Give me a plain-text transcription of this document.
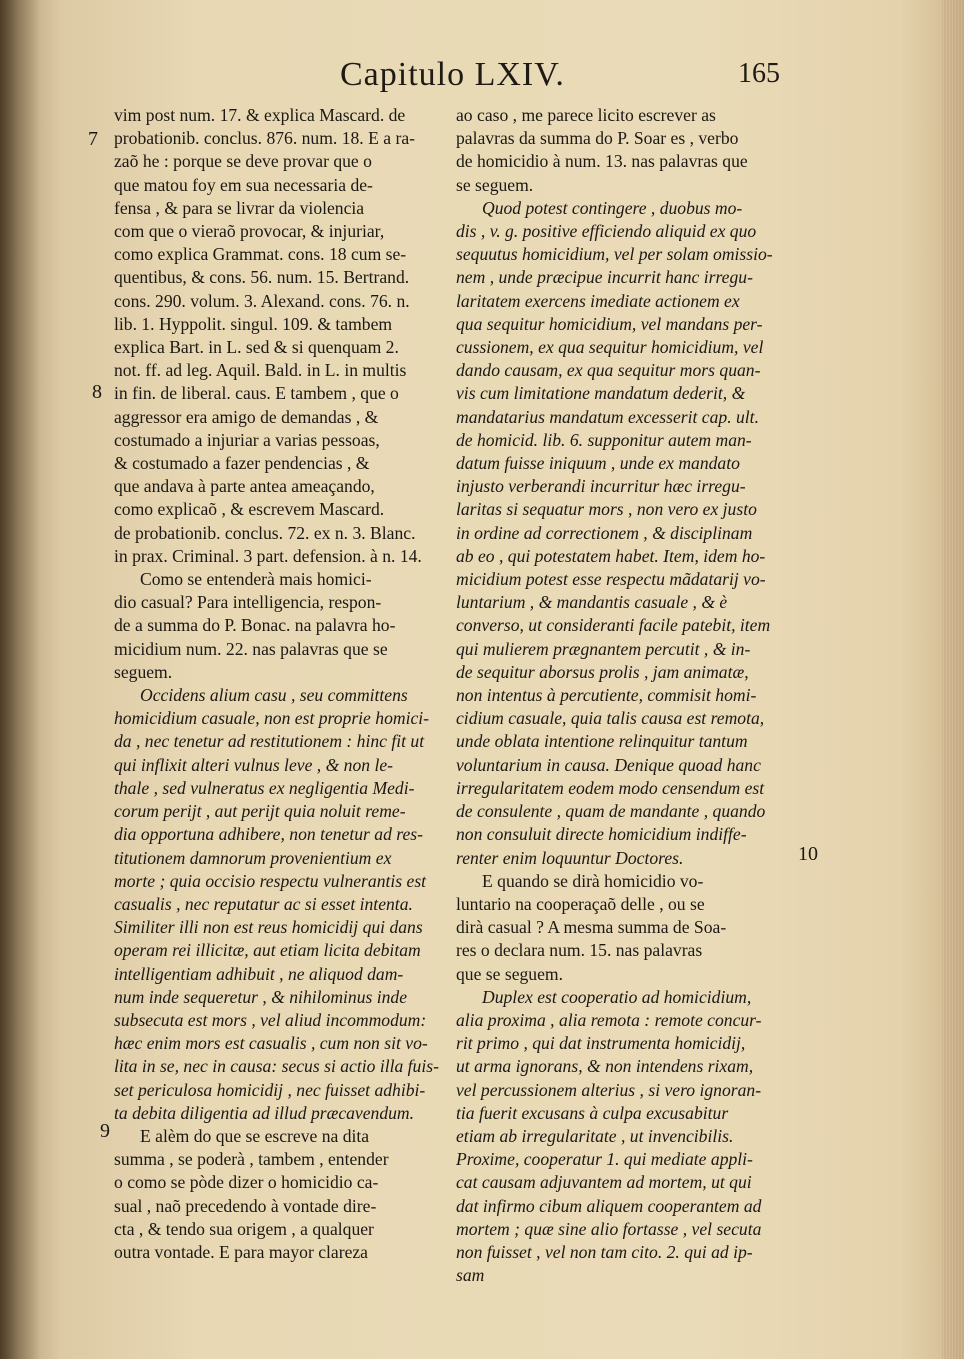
Capitulo LXIV.	165
7
8
9
10
vim post num. 17. & explica Mascard. de
probationib. conclus. 876. num. 18. E a ra-
zaõ he : porque se deve provar que o
que matou foy em sua necessaria de-
fensa , & para se livrar da violencia
com que o vieraõ provocar, & injuriar,
como explica Grammat. cons. 18 cum se-
quentibus, & cons. 56. num. 15. Bertrand.
cons. 290. volum. 3. Alexand. cons. 76. n.
lib. 1. Hyppolit. singul. 109. & tambem
explica Bart. in L. sed & si quenquam 2.
not. ff. ad leg. Aquil. Bald. in L. in multis
in fin. de liberal. caus. E tambem , que o
aggressor era amigo de demandas , &
costumado a injuriar a varias pessoas,
& costumado a fazer pendencias , &
que andava à parte antea ameaçando,
como explicaõ , & escrevem Mascard.
de probationib. conclus. 72. ex n. 3. Blanc.
in prax. Criminal. 3 part. defension. à n. 14.
Como se entenderà mais homici-
dio casual? Para intelligencia, respon-
de a summa do P. Bonac. na palavra ho-
micidium num. 22. nas palavras que se
seguem.
Occidens alium casu , seu committens
homicidium casuale, non est proprie homici-
da , nec tenetur ad restitutionem : hinc fit ut
qui inflixit alteri vulnus leve , & non le-
thale , sed vulneratus ex negligentia Medi-
corum perijt , aut perijt quia noluit reme-
dia opportuna adhibere, non tenetur ad res-
titutionem damnorum provenientium ex
morte ; quia occisio respectu vulnerantis est
casualis , nec reputatur ac si esset intenta.
Similiter illi non est reus homicidij qui dans
operam rei illicitæ, aut etiam licita debitam
intelligentiam adhibuit , ne aliquod dam-
num inde sequeretur , & nihilominus inde
subsecuta est mors , vel aliud incommodum:
hæc enim mors est casualis , cum non sit vo-
lita in se, nec in causa: secus si actio illa fuis-
set periculosa homicidij , nec fuisset adhibi-
ta debita diligentia ad illud præcavendum.
E alèm do que se escreve na dita
summa , se poderà , tambem , entender
o como se pòde dizer o homicidio ca-
sual , naõ precedendo à vontade dire-
cta , & tendo sua origem , a qualquer
outra vontade. E para mayor clareza
ao caso , me parece licito escrever as
palavras da summa do P. Soar es , verbo
de homicidio à num. 13. nas palavras que
se seguem.
Quod potest contingere , duobus mo-
dis , v. g. positive efficiendo aliquid ex quo
sequutus homicidium, vel per solam omissio-
nem , unde præcipue incurrit hanc irregu-
laritatem exercens imediate actionem ex
qua sequitur homicidium, vel mandans per-
cussionem, ex qua sequitur homicidium, vel
dando causam, ex qua sequitur mors quan-
vis cum limitatione mandatum dederit, &
mandatarius mandatum excesserit cap. ult.
de homicid. lib. 6. supponitur autem man-
datum fuisse iniquum , unde ex mandato
injusto verberandi incurritur hæc irregu-
laritas si sequatur mors , non vero ex justo
in ordine ad correctionem , & disciplinam
ab eo , qui potestatem habet. Item, idem ho-
micidium potest esse respectu mãdatarij vo-
luntarium , & mandantis casuale , & è
converso, ut consideranti facile patebit, item
qui mulierem prægnantem percutit , & in-
de sequitur aborsus prolis , jam animatæ,
non intentus à percutiente, commisit homi-
cidium casuale, quia talis causa est remota,
unde oblata intentione relinquitur tantum
voluntarium in causa. Denique quoad hanc
irregularitatem eodem modo censendum est
de consulente , quam de mandante , quando
non consuluit directe homicidium indiffe-
renter enim loquuntur Doctores.
E quando se dirà homicidio vo-
luntario na cooperaçaõ delle , ou se
dirà casual ? A mesma summa de Soa-
res o declara num. 15. nas palavras
que se seguem.
Duplex est cooperatio ad homicidium,
alia proxima , alia remota : remote concur-
rit primo , qui dat instrumenta homicidij,
ut arma ignorans, & non intendens rixam,
vel percussionem alterius , si vero ignoran-
tia fuerit excusans à culpa excusabitur
etiam ab irregularitate , ut invencibilis.
Proxime, cooperatur 1. qui mediate appli-
cat causam adjuvantem ad mortem, ut qui
dat infirmo cibum aliquem cooperantem ad
mortem ; quæ sine alio fortasse , vel secuta
non fuisset , vel non tam cito. 2. qui ad ip-
sam
